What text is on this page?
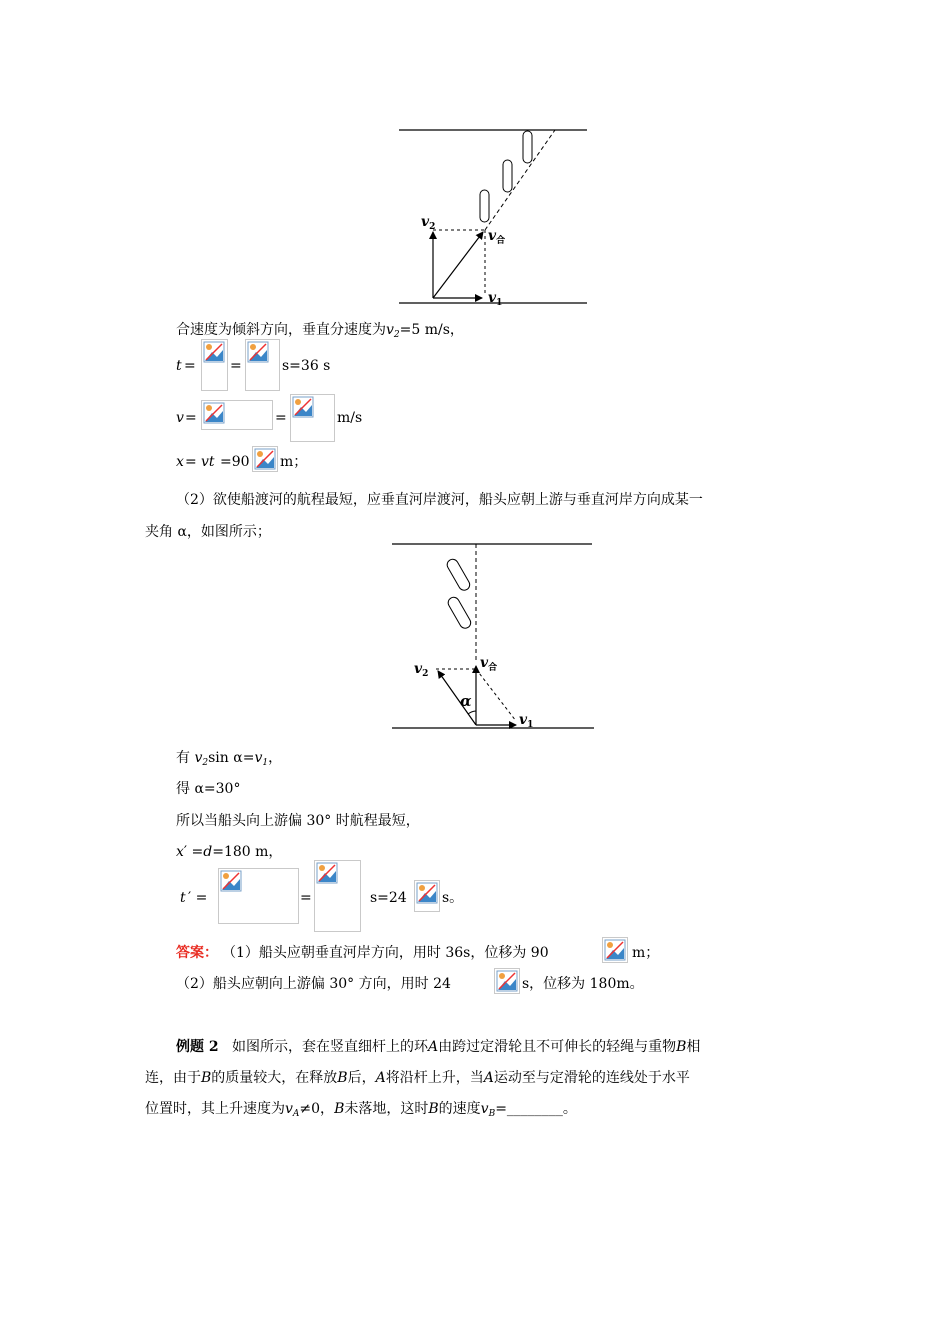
$v_2$
$v_合$
$v_1$
合速度为倾斜方向，垂直分速度为$v_2=5$ m/s，
t = =	s=36 s
v =	=	m/s
x = vt =90 m；
（2）欲使船渡河的航程最短，应垂直河岸渡河，船头应朝上游与垂直河岸方向成某一
夹角 α，如图所示；
$v_2$
$v_合$
α
$v_1$
有 $v_2\sin$ $\alpha=v_1$，
得 α=30°
所以当船头向上游偏 30° 时航程最短，
x′ =d=180 m，
t ′ =	=	s=24	s。
答案： （1）船头应朝垂直河岸方向，用时 36s，位移为 90	m；
（2）船头应朝向上游偏 30° 方向，用时 24	s，位移为 180m。
例题 2 如图所示，套在竖直细杆上的环A由跨过定滑轮且不可伸长的轻绳与重物B相
连，由于B的质量较大，在释放B后，A将沿杆上升，当A运动至与定滑轮的连线处于水平
位置时，其上升速度为$v_A\ne 0$，B未落地，这时B的速度$v_B=\_\_\_\_\_\_\_\_$。
